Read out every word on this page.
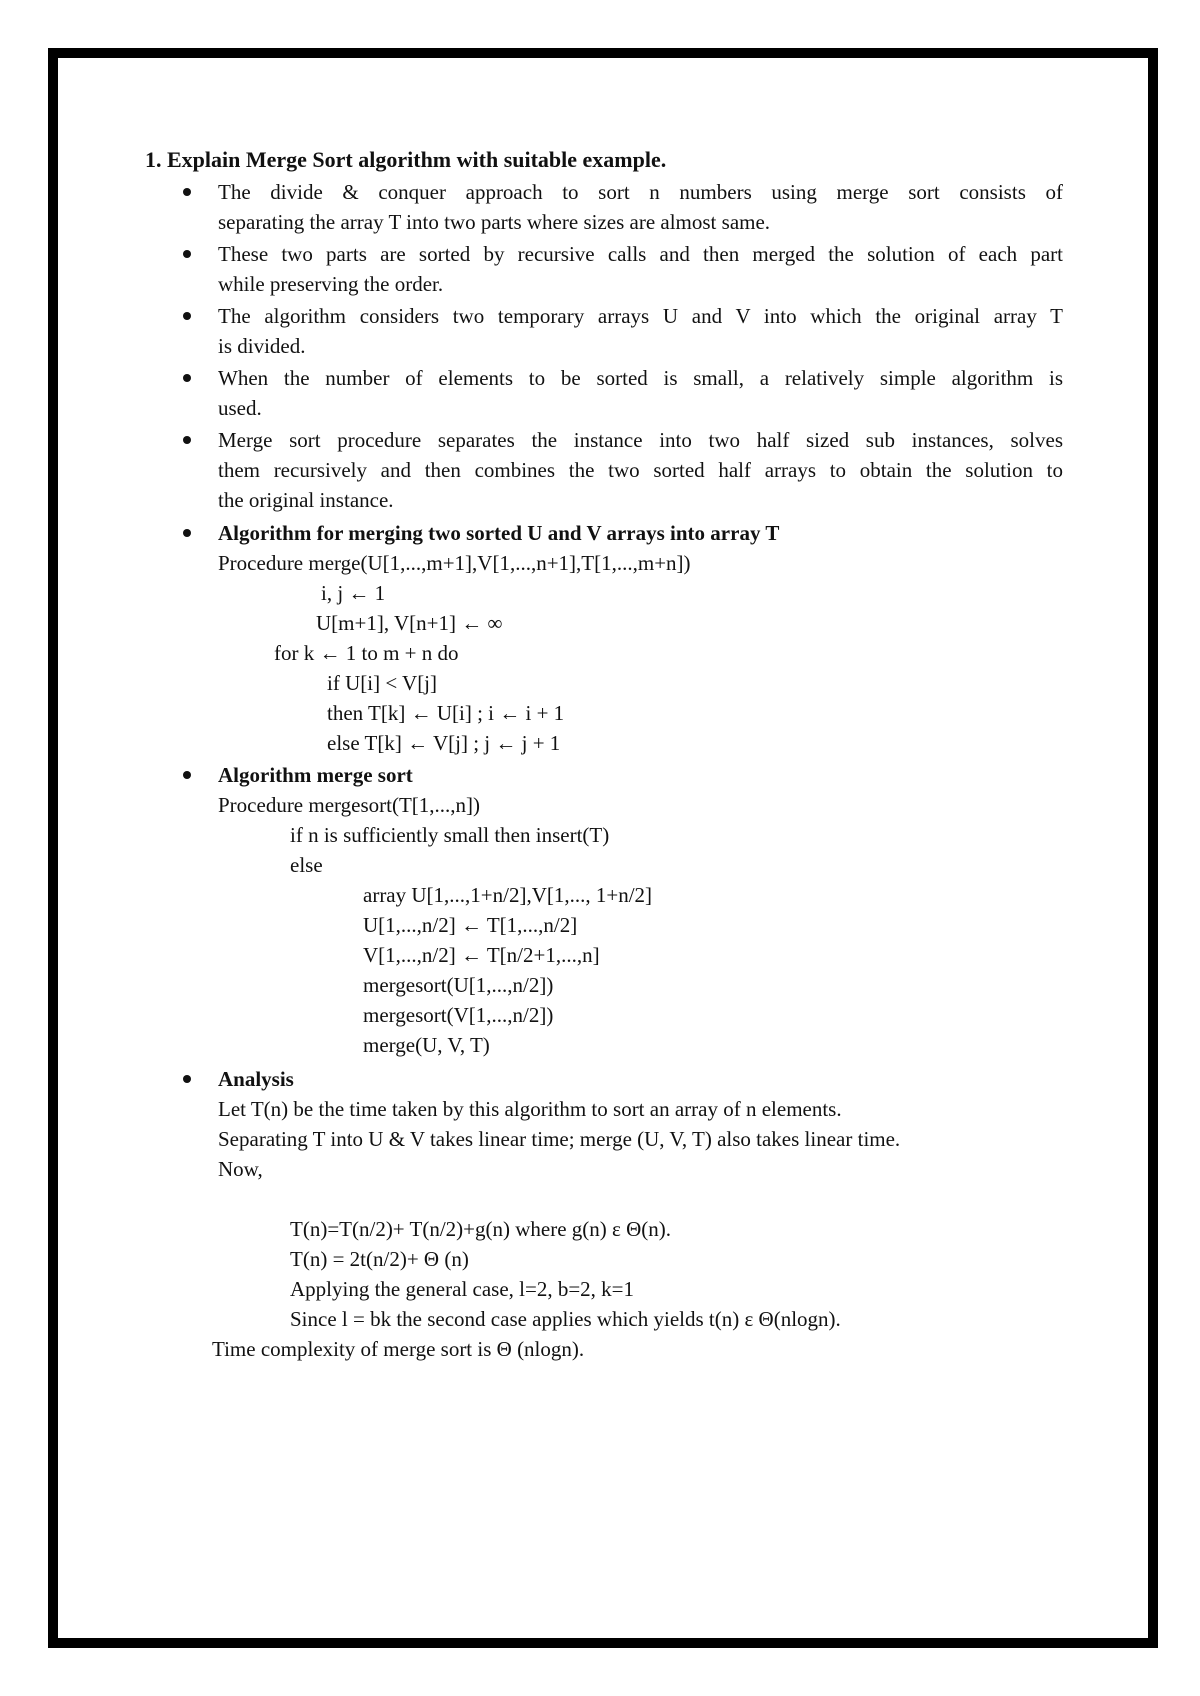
1. Explain Merge Sort algorithm with suitable example.
The divide & conquer approach to sort n numbers using merge sort consists of
separating the array T into two parts where sizes are almost same.
These two parts are sorted by recursive calls and then merged the solution of each part
while preserving the order.
The algorithm considers two temporary arrays U and V into which the original array T
is divided.
When the number of elements to be sorted is small, a relatively simple algorithm is
used.
Merge sort procedure separates the instance into two half sized sub instances, solves
them recursively and then combines the two sorted half arrays to obtain the solution to
the original instance.
Algorithm for merging two sorted U and V arrays into array T
Procedure merge(U[1,...,m+1],V[1,...,n+1],T[1,...,m+n])
i, j ← 1
U[m+1], V[n+1] ← ∞
for k ← 1 to m + n do
if U[i] < V[j]
then T[k] ← U[i] ; i ← i + 1
else T[k] ← V[j] ; j ← j + 1
Algorithm merge sort
Procedure mergesort(T[1,...,n])
if n is sufficiently small then insert(T)
else
array U[1,...,1+n/2],V[1,..., 1+n/2]
U[1,...,n/2] ← T[1,...,n/2]
V[1,...,n/2] ← T[n/2+1,...,n]
mergesort(U[1,...,n/2])
mergesort(V[1,...,n/2])
merge(U, V, T)
Analysis
Let T(n) be the time taken by this algorithm to sort an array of n elements.
Separating T into U & V takes linear time; merge (U, V, T) also takes linear time.
Now,
T(n)=T(n/2)+ T(n/2)+g(n) where g(n) ε Θ(n).
T(n) = 2t(n/2)+ Θ (n)
Applying the general case, l=2, b=2, k=1
Since l = bk the second case applies which yields t(n) ε Θ(nlogn).
Time complexity of merge sort is Θ (nlogn).
